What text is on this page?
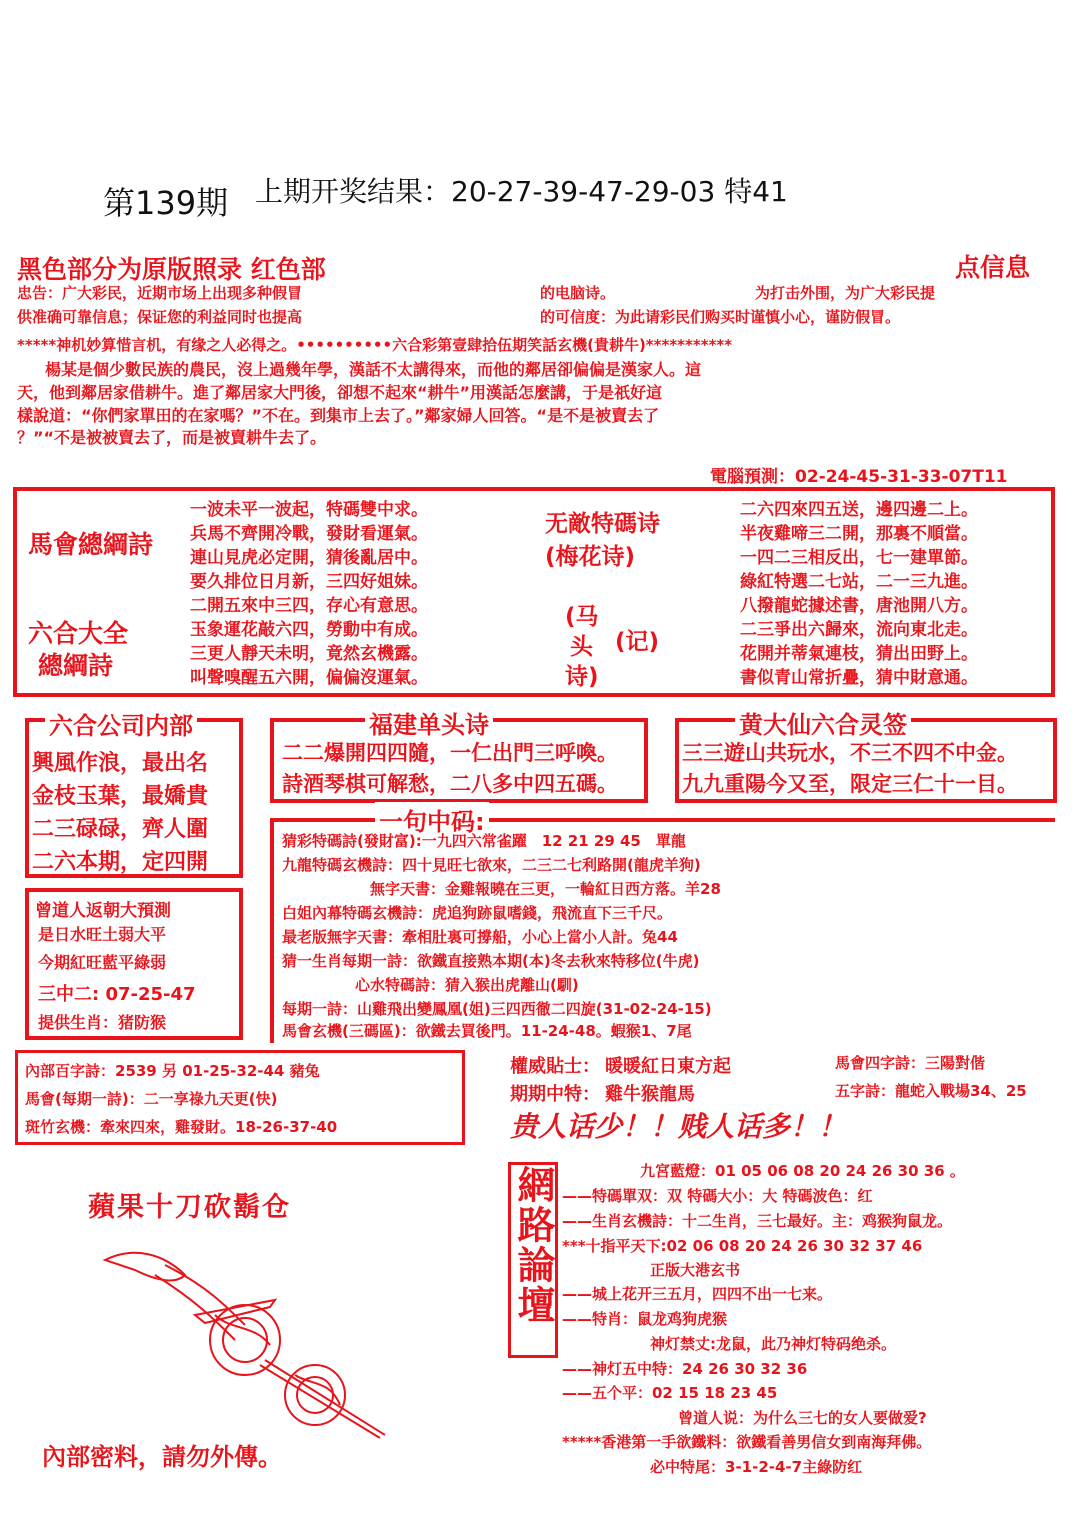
第139期 上期开奖结果：20-27-39-47-29-03 特41
黑色部分为原版照录 红色部	点信息
忠告：广大彩民，近期市场上出现多种假冒	的电脑诗。	为打击外围，为广大彩民提
供准确可靠信息；保证您的利益同时也提高	的可信度：为此请彩民们购买时谨慎小心，谨防假冒。
*****神机妙算惜言机，有缘之人必得之。••••••••••六合彩第壹肆拾伍期笑話玄機(貴耕牛)***********
楊某是個少數民族的農民，沒上過幾年學，漢話不太講得來，而他的鄰居卻偏偏是漢家人。這
天，他到鄰居家借耕牛。進了鄰居家大門後，卻想不起來“耕牛”用漢話怎麼講，于是祇好這
樣說道：“你們家單田的在家嗎？”不在。到集市上去了。”鄰家婦人回答。“是不是被賣去了
？”“不是被被賣去了，而是被賣耕牛去了。
電腦預測：02-24-45-31-33-07T11
馬會總綱詩
六合大全
總綱詩
一波未平一波起，特碼雙中求。
兵馬不齊開冷戰，發財看運氣。
連山見虎必定開，猜後亂居中。
要久排位日月新，三四好姐妹。
二開五來中三四，存心有意思。
玉象運花敲六四，勞動中有成。
三更人靜天未明，竟然玄機露。
叫聲嗅醒五六開，偏偏沒運氣。
无敵特碼诗
(梅花诗)
(马
头
诗)
(记)
二六四來四五送，邊四邊二上。
半夜雞啼三二開，那裏不順當。
一四二三相反出，七一建單節。
綠紅特選二七站，二一三九進。
八撥龍蛇據述書，唐池開八方。
二三爭出六歸來，流向東北走。
花開并蒂氣連枝，猜出田野上。
書似青山常折疊，猜中財意通。
六合公司内部
興風作浪，最出名
金枝玉葉，最嬌貴
二三碌碌，齊人圍
二六本期，定四開
福建单头诗
二二爆開四四隨，一仁出門三呼喚。
詩酒琴棋可解愁，二八多中四五碼。
黄大仙六合灵签
三三遊山共玩水，不三不四不中金。
九九重陽今又至，限定三仁十一目。
一句中码:
猜彩特碼詩(發財富):一九四六常雀躍　12 21 29 45　單龍
九龍特碼玄機詩：四十見旺七欲來，二三二七利路開(龍虎羊狗)
無字天書：金雞報曉在三更，一輪紅日西方落。羊28
白姐內幕特碼玄機詩：虎追狗跡鼠嗜錢，飛流直下三千尺。
最老版無字天書：牽相肚裏可撐船，小心上當小人計。兔44
猜一生肖每期一詩：欲鐵直接熟本期(本)冬去秋來特移位(牛虎)
心水特碼詩：猜入猴出虎離山(馴)
每期一詩：山雞飛出變鳳凰(姐)三四西徹二四旋(31-02-24-15)
馬會玄機(三碼區)：欲鐵去買後門。11-24-48。蝦猴1、7尾
曾道人返朝大預測
是日水旺土弱大平
今期紅旺藍平綠弱
三中二: 07-25-47
提供生肖：猪防猴
內部百字詩：2539 另 01-25-32-44 豬兔
馬會(每期一詩)：二一享祿九天更(快)
斑竹玄機：牽來四來，雞發財。18-26-37-40
權威貼士： 暖暖紅日東方起	馬會四字詩：三陽對偕
期期中特： 雞牛猴龍馬	五字詩：龍蛇入戰場34、25
贵人话少！！贱人话多！！
網路論壇	九宮藍燈：01 05 06 08 20 24 26 30 36 。
——特碼單双：双 特碼大小：大 特碼波色：红
——生肖玄機詩：十二生肖，三七最好。主：鸡猴狗鼠龙。
***十指平天下:02 06 08 20 24 26 30 32 37 46
正版大港玄书
——城上花开三五月，四四不出一七来。
——特肖：鼠龙鸡狗虎猴
神灯禁丈:龙鼠，此乃神灯特码绝杀。
——神灯五中特：24 26 30 32 36
——五个平：02 15 18 23 45
曾道人说：为什么三七的女人要做爱?
*****香港第一手欲鐵料：欲鐵看善男信女到南海拜佛。
必中特尾：3-1-2-4-7主綠防红
蘋果十刀砍鬍仓
內部密料，請勿外傳。
